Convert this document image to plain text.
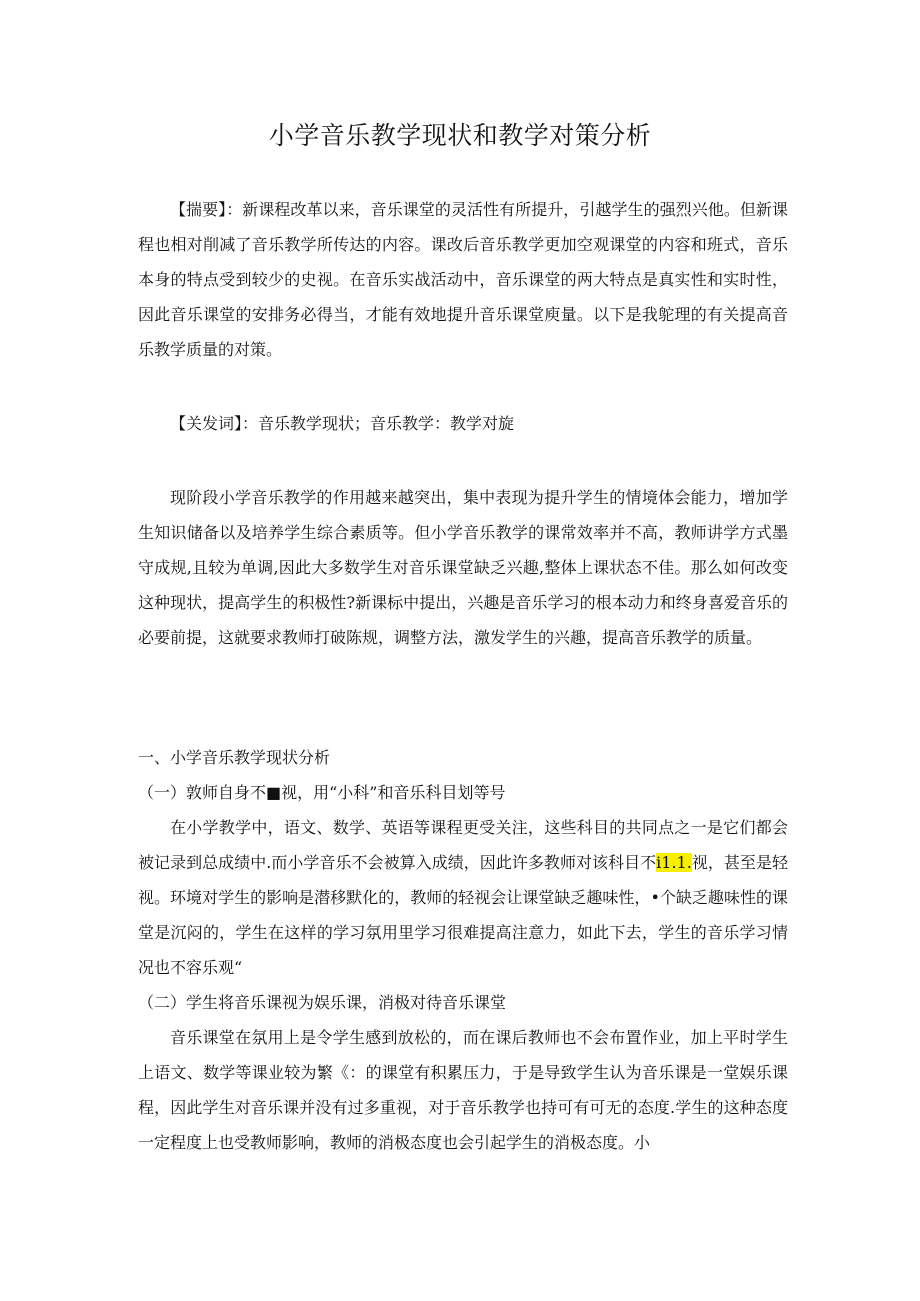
小学音乐教学现状和教学对策分析

【揣要】：新课程改革以来，音乐课堂的灵活性有所提升，引越学生的强烈兴他。但新课程也相对削减了音乐教学所传达的内容。课改后音乐教学更加空观课堂的内容和班式，音乐本身的特点受到较少的史视。在音乐实战活动中，音乐课堂的两大特点是真实性和实时性，因此音乐课堂的安排务必得当，才能有效地提升音乐课堂庾量。以下是我鸵理的有关提高音乐教学质量的对策。

【关发词】：音乐教学现状；音乐教学：教学对旋

现阶段小学音乐教学的作用越来越突出，集中表现为提升学生的情境体会能力，增加学生知识储备以及培养学生综合素质等。但小学音乐教学的课常效率并不高，教师讲学方式墨守成规,且较为单调,因此大多数学生对音乐课堂缺乏兴趣,整体上课状态不佳。那么如何改变这种现状，提高学生的积极性?新课标中提出，兴趣是音乐学习的根本动力和终身喜爱音乐的必要前提，这就要求教师打破陈规，调整方法，激发学生的兴趣，提高音乐教学的质量。

一、小学音乐教学现状分析

（一）敦师自身不■视，用“小科”和音乐科目划等号

在小学教学中，语文、数学、英语等课程更受关注，这些科目的共同点之一是它们都会被记录到总成绩中.而小学音乐不会被算入成绩，因此许多教师对该科目不i1.1.视，甚至是轻视。环境对学生的影响是潜移默化的，教师的轻视会让课堂缺乏趣味性，•个缺乏趣味性的课堂是沉闷的，学生在这样的学习氛用里学习很难提高注意力，如此下去，学生的音乐学习情况也不容乐观“

（二）学生将音乐课视为娱乐课，消极对待音乐课堂

音乐课堂在氛用上是令学生感到放松的，而在课后教师也不会布置作业，加上平时学生上语文、数学等课业较为繁《：的课堂有积累压力，于是导致学生认为音乐课是一堂娱乐课程，因此学生对音乐课并没有过多重视，对于音乐教学也持可有可无的态度.学生的这种态度一定程度上也受教师影响，教师的消极态度也会引起学生的消极态度。小
